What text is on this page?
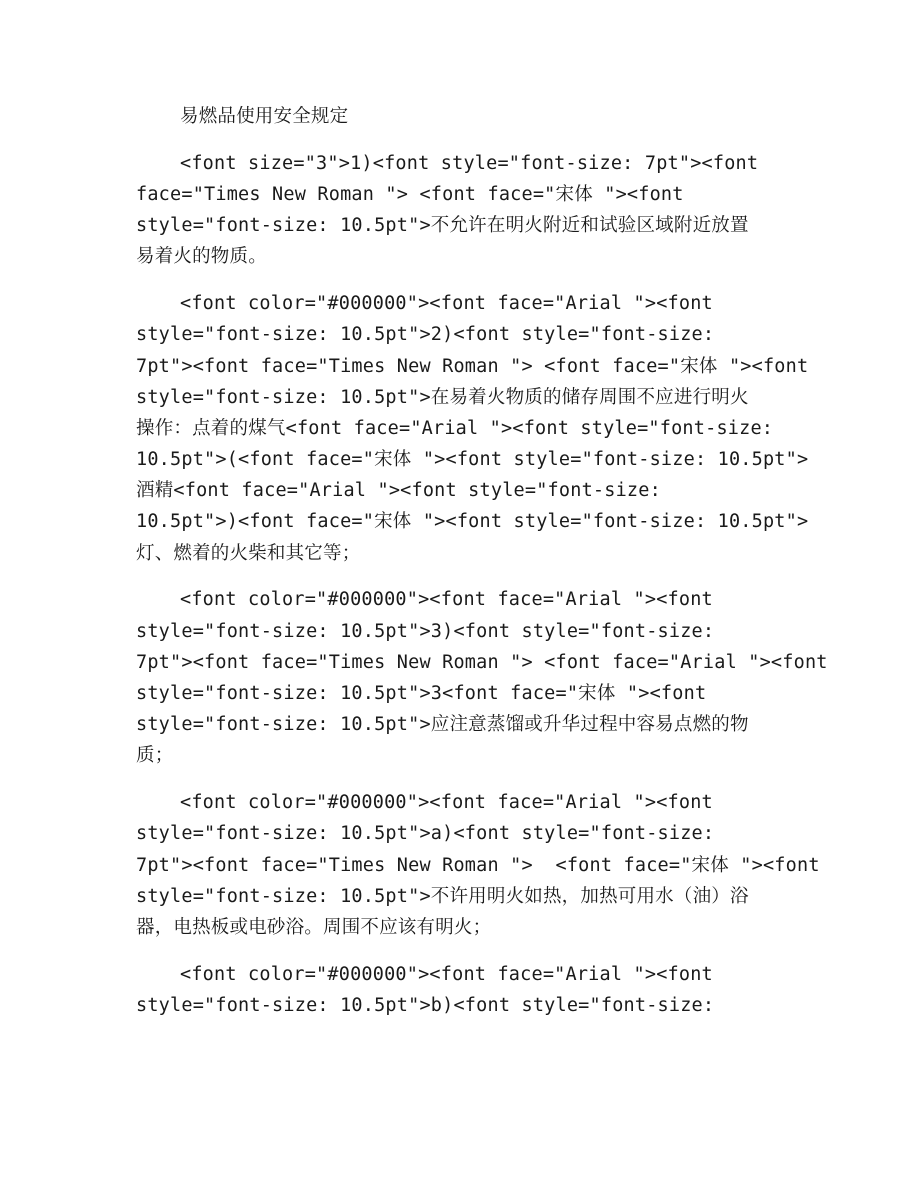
易燃品使用安全规定
<font size="3">1)<font style="font-size: 7pt"><font
face="Times New Roman "> <font face="宋体 "><font
style="font-size: 10.5pt">不允许在明火附近和试验区域附近放置
易着火的物质。
<font color="#000000"><font face="Arial "><font
style="font-size: 10.5pt">2)<font style="font-size:
7pt"><font face="Times New Roman "> <font face="宋体 "><font
style="font-size: 10.5pt">在易着火物质的储存周围不应进行明火
操作：点着的煤气<font face="Arial "><font style="font-size:
10.5pt">(<font face="宋体 "><font style="font-size: 10.5pt">
酒精<font face="Arial "><font style="font-size:
10.5pt">)<font face="宋体 "><font style="font-size: 10.5pt">
灯、燃着的火柴和其它等；
<font color="#000000"><font face="Arial "><font
style="font-size: 10.5pt">3)<font style="font-size:
7pt"><font face="Times New Roman "> <font face="Arial "><font
style="font-size: 10.5pt">3<font face="宋体 "><font
style="font-size: 10.5pt">应注意蒸馏或升华过程中容易点燃的物
质；
<font color="#000000"><font face="Arial "><font
style="font-size: 10.5pt">a)<font style="font-size:
7pt"><font face="Times New Roman ">  <font face="宋体 "><font
style="font-size: 10.5pt">不许用明火如热，加热可用水（油）浴
器，电热板或电砂浴。周围不应该有明火；
<font color="#000000"><font face="Arial "><font
style="font-size: 10.5pt">b)<font style="font-size:
